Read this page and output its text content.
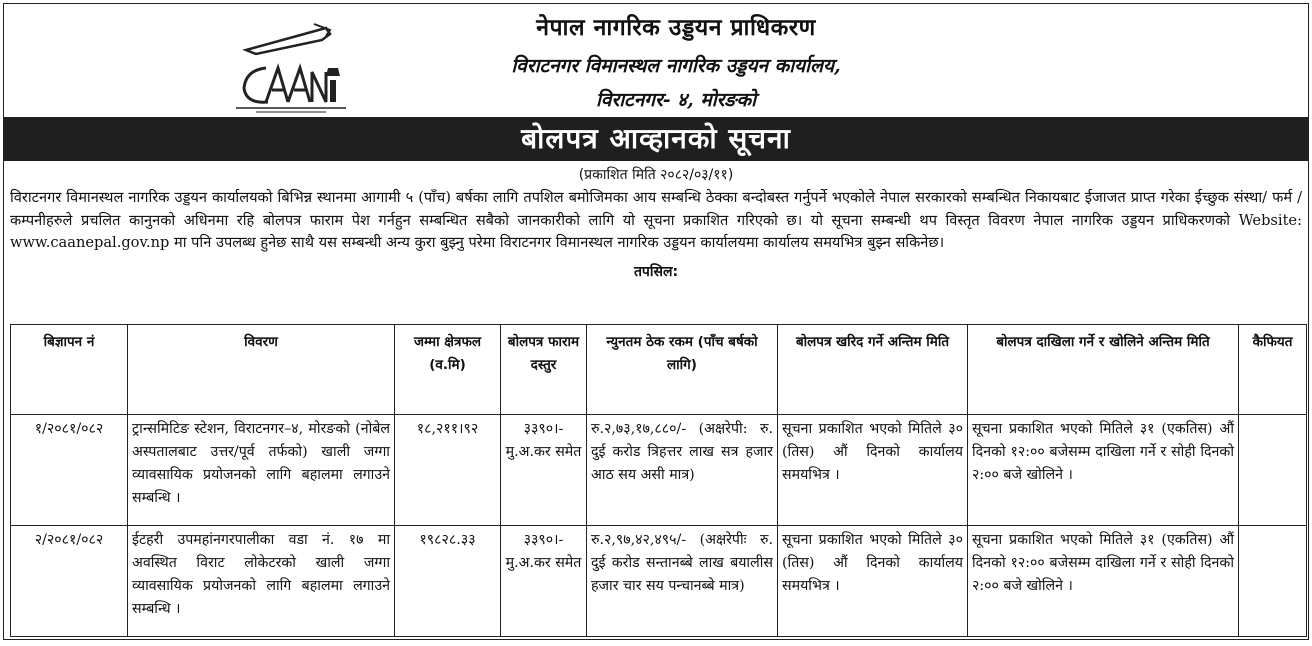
नेपाल नागरिक उड्डयन प्राधिकरण
विराटनगर विमानस्थल नागरिक उड्डयन कार्यालय,
विराटनगर- ४, मोरङको
बोलपत्र आव्हानको सूचना
(प्रकाशित मिति २०८२/०३/११)

विराटनगर विमानस्थल नागरिक उड्डयन कार्यालयको बिभिन्न स्थानमा आगामी ५ (पाँच) बर्षका लागि तपशिल बमोजिमका आय सम्बन्धि ठेक्का बन्दोबस्त गर्नुपर्ने भएकोले नेपाल सरकारको सम्बन्धित निकायबाट ईजाजत प्राप्त गरेका ईच्छुक संस्था/ फर्म /कम्पनीहरुले प्रचलित कानुनको अधिनमा रहि बोलपत्र फाराम पेश गर्नहुन सम्बन्धित सबैको जानकारीको लागि यो सूचना प्रकाशित गरिएको छ। यो सूचना सम्बन्धी थप विस्तृत विवरण नेपाल नागरिक उड्डयन प्राधिकरणको Website: www.caanepal.gov.np मा पनि उपलब्ध हुनेछ साथै यस सम्बन्धी अन्य कुरा बुझ्नु परेमा विराटनगर विमानस्थल नागरिक उड्डयन कार्यालयमा कार्यालय समयभित्र बुझ्न सकिनेछ।

तपसिल:
बिज्ञापन नं	विवरण	जम्मा क्षेत्रफल (व.मि)	बोलपत्र फाराम दस्तुर	न्युनतम ठेक रकम (पाँच बर्षको लागि)	बोलपत्र खरिद गर्ने अन्तिम मिति	बोलपत्र दाखिला गर्ने र खोलिने अन्तिम मिति	कैफियत
१/२०८१/०८२	ट्रान्समिटिङ स्टेशन, विराटनगर–४, मोरङको (नोबेल अस्पतालबाट उत्तर/पूर्व तर्फको) खाली जग्गा व्यावसायिक प्रयोजनको लागि बहालमा लगाउने सम्बन्धि ।	१८,२११।९२	३३९०।- मु.अ.कर समेत	रु.२,७३,१७,८८०/- (अक्षरेपी: रु. दुई करोड त्रिहत्तर लाख सत्र हजार आठ सय असी मात्र)	सूचना प्रकाशित भएको मितिले ३० (तिस) औं दिनको कार्यालय समयभित्र ।	सूचना प्रकाशित भएको मितिले ३१ (एकतिस) औं दिनको १२:०० बजेसम्म दाखिला गर्ने र सोही दिनको २:०० बजे खोलिने ।	
२/२०८१/०८२	ईटहरी उपमहांनगरपालीका वडा नं. १७ मा अवस्थित विराट लोकेटरको खाली जग्गा व्यावसायिक प्रयोजनको लागि बहालमा लगाउने सम्बन्धि ।	१९८२८.३३	३३९०।- मु.अ.कर समेत	रु.२,९७,४२,४९५/- (अक्षरेपीः रु. दुई करोड सन्तानब्बे लाख बयालीस हजार चार सय पन्चानब्बे मात्र)	सूचना प्रकाशित भएको मितिले ३० (तिस) औं दिनको कार्यालय समयभित्र ।	सूचना प्रकाशित भएको मितिले ३१ (एकतिस) औं दिनको १२:०० बजेसम्म दाखिला गर्ने र सोही दिनको २:०० बजे खोलिने ।	
